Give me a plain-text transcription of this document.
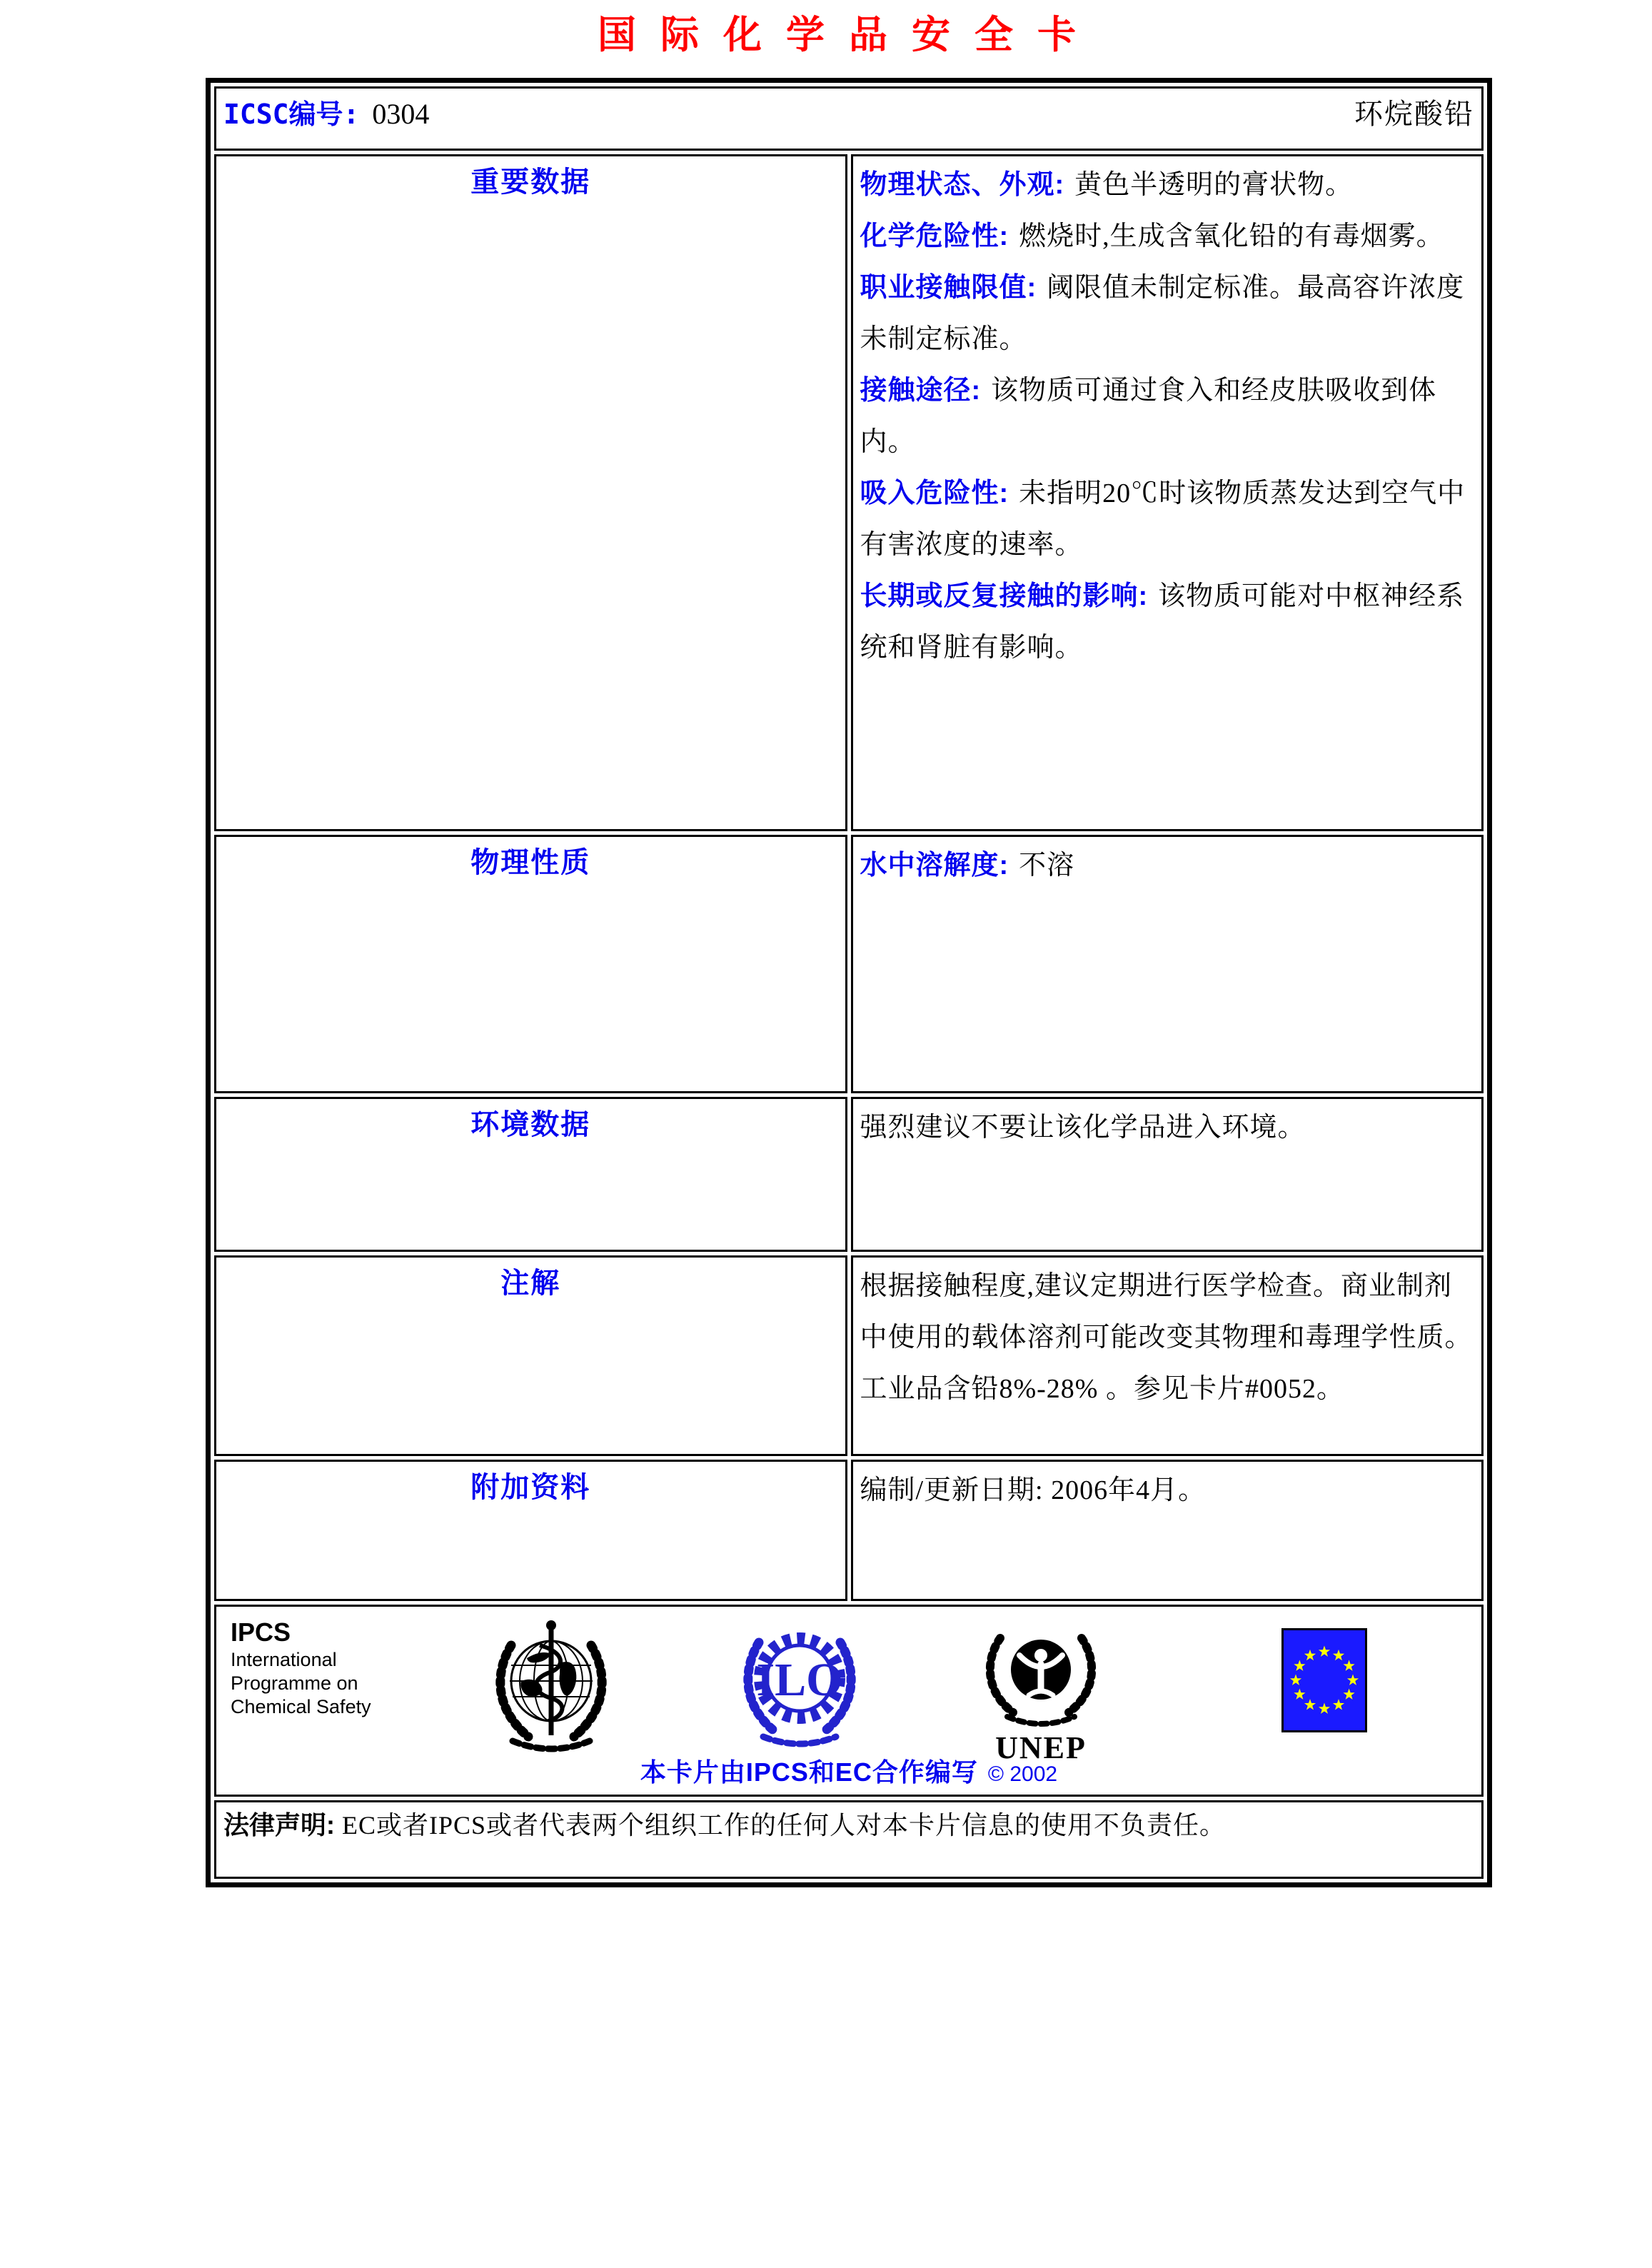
国际化学品安全卡
ICSC编号: 0304 环烷酸铅	

重要数据	物理状态、外观: 黄色半透明的膏状物。
化学危险性: 燃烧时,生成含氧化铅的有毒烟雾。
职业接触限值: 阈限值未制定标准。最高容许浓度未制定标准。
接触途径: 该物质可通过食入和经皮肤吸收到体内。
吸入危险性: 未指明20℃时该物质蒸发达到空气中有害浓度的速率。
长期或反复接触的影响: 该物质可能对中枢神经系统和肾脏有影响。

物理性质	水中溶解度: 不溶

环境数据	强烈建议不要让该化学品进入环境。

注解	根据接触程度,建议定期进行医学检查。商业制剂中使用的载体溶剂可能改变其物理和毒理学性质。工业品含铅8%-28% 。参见卡片#0052。

附加资料	编制/更新日期: 2006年4月。

IPCS
International
Programme on
Chemical Safety
ILO
UNEP
本卡片由IPCS和EC合作编写 © 2002

法律声明: EC或者IPCS或者代表两个组织工作的任何人对本卡片信息的使用不负责任。	
